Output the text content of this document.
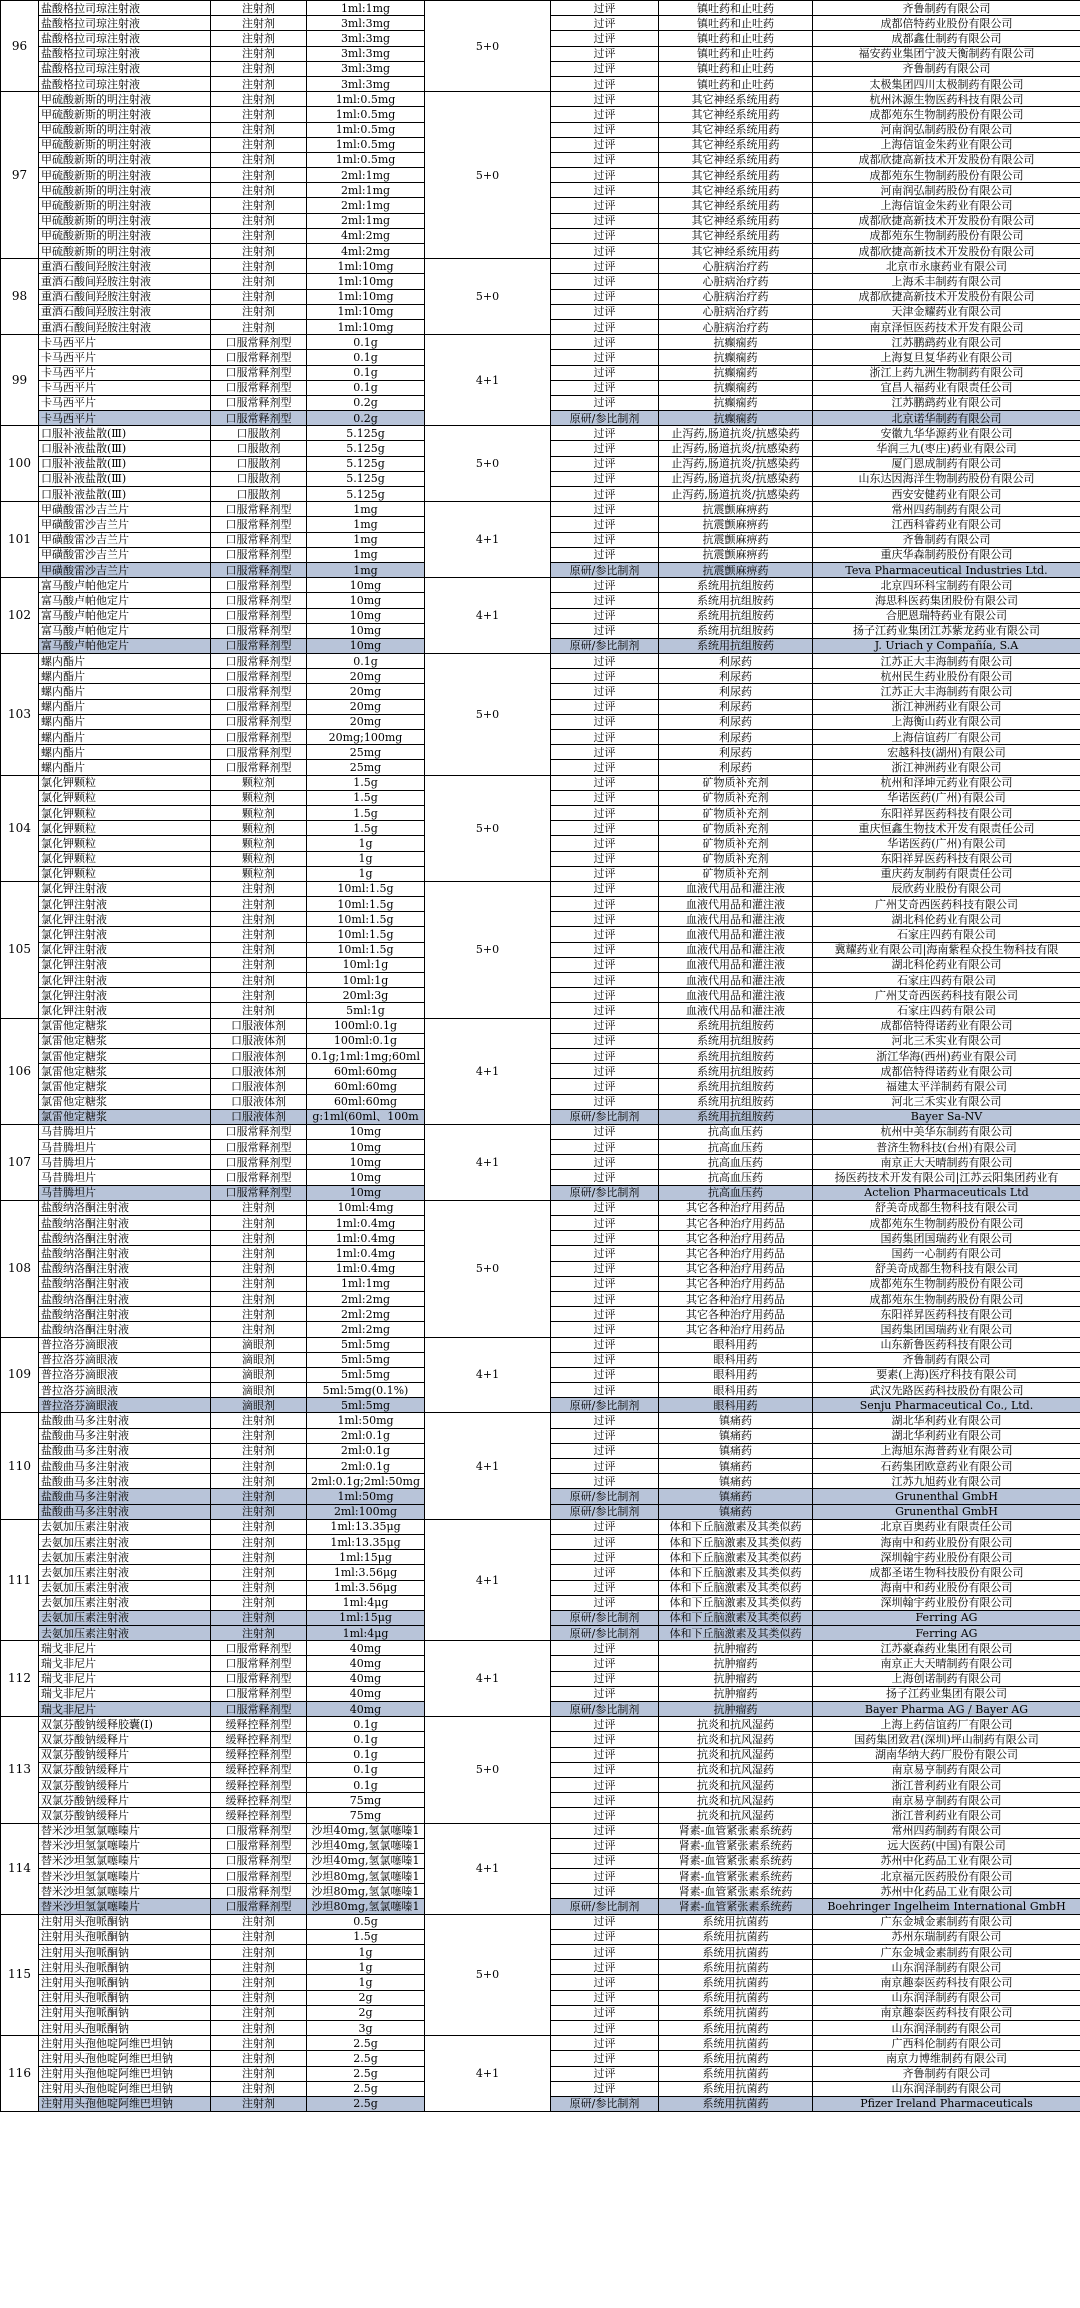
96	盐酸格拉司琼注射液	注射剂	1ml:1mg	5+0	过评	镇吐药和止吐药	齐鲁制药有限公司
	盐酸格拉司琼注射液	注射剂	3ml:3mg		过评	镇吐药和止吐药	成都倍特药业股份有限公司
	盐酸格拉司琼注射液	注射剂	3ml:3mg		过评	镇吐药和止吐药	成都鑫仕制药有限公司
	盐酸格拉司琼注射液	注射剂	3ml:3mg		过评	镇吐药和止吐药	福安药业集团宁波天衡制药有限公司
	盐酸格拉司琼注射液	注射剂	3ml:3mg		过评	镇吐药和止吐药	齐鲁制药有限公司
	盐酸格拉司琼注射液	注射剂	3ml:3mg		过评	镇吐药和止吐药	太极集团四川太极制药有限公司
97	甲硫酸新斯的明注射液	注射剂	1ml:0.5mg	5+0	过评	其它神经系统用药	杭州沐源生物医药科技有限公司
	甲硫酸新斯的明注射液	注射剂	1ml:0.5mg		过评	其它神经系统用药	成都苑东生物制药股份有限公司
	甲硫酸新斯的明注射液	注射剂	1ml:0.5mg		过评	其它神经系统用药	河南润弘制药股份有限公司
	甲硫酸新斯的明注射液	注射剂	1ml:0.5mg		过评	其它神经系统用药	上海信谊金朱药业有限公司
	甲硫酸新斯的明注射液	注射剂	1ml:0.5mg		过评	其它神经系统用药	成都欣捷高新技术开发股份有限公司
	甲硫酸新斯的明注射液	注射剂	2ml:1mg		过评	其它神经系统用药	成都苑东生物制药股份有限公司
	甲硫酸新斯的明注射液	注射剂	2ml:1mg		过评	其它神经系统用药	河南润弘制药股份有限公司
	甲硫酸新斯的明注射液	注射剂	2ml:1mg		过评	其它神经系统用药	上海信谊金朱药业有限公司
	甲硫酸新斯的明注射液	注射剂	2ml:1mg		过评	其它神经系统用药	成都欣捷高新技术开发股份有限公司
	甲硫酸新斯的明注射液	注射剂	4ml:2mg		过评	其它神经系统用药	成都苑东生物制药股份有限公司
	甲硫酸新斯的明注射液	注射剂	4ml:2mg		过评	其它神经系统用药	成都欣捷高新技术开发股份有限公司
98	重酒石酸间羟胺注射液	注射剂	1ml:10mg	5+0	过评	心脏病治疗药	北京市永康药业有限公司
	重酒石酸间羟胺注射液	注射剂	1ml:10mg		过评	心脏病治疗药	上海禾丰制药有限公司
	重酒石酸间羟胺注射液	注射剂	1ml:10mg		过评	心脏病治疗药	成都欣捷高新技术开发股份有限公司
	重酒石酸间羟胺注射液	注射剂	1ml:10mg		过评	心脏病治疗药	天津金耀药业有限公司
	重酒石酸间羟胺注射液	注射剂	1ml:10mg		过评	心脏病治疗药	南京泽恒医药技术开发有限公司
99	卡马西平片	口服常释剂型	0.1g	4+1	过评	抗癫痫药	江苏鹏鹞药业有限公司
	卡马西平片	口服常释剂型	0.1g		过评	抗癫痫药	上海复旦复华药业有限公司
	卡马西平片	口服常释剂型	0.1g		过评	抗癫痫药	浙江上药九洲生物制药有限公司
	卡马西平片	口服常释剂型	0.1g		过评	抗癫痫药	宜昌人福药业有限责任公司
	卡马西平片	口服常释剂型	0.2g		过评	抗癫痫药	江苏鹏鹞药业有限公司
	卡马西平片	口服常释剂型	0.2g		原研/参比制剂	抗癫痫药	北京诺华制药有限公司
100	口服补液盐散(Ⅲ)	口服散剂	5.125g	5+0	过评	止泻药,肠道抗炎/抗感染药	安徽九华华源药业有限公司
	口服补液盐散(Ⅲ)	口服散剂	5.125g		过评	止泻药,肠道抗炎/抗感染药	华润三九(枣庄)药业有限公司
	口服补液盐散(Ⅲ)	口服散剂	5.125g		过评	止泻药,肠道抗炎/抗感染药	厦门恩成制药有限公司
	口服补液盐散(Ⅲ)	口服散剂	5.125g		过评	止泻药,肠道抗炎/抗感染药	山东达因海洋生物制药股份有限公司
	口服补液盐散(Ⅲ)	口服散剂	5.125g		过评	止泻药,肠道抗炎/抗感染药	西安安健药业有限公司
101	甲磺酸雷沙吉兰片	口服常释剂型	1mg	4+1	过评	抗震颤麻痹药	常州四药制药有限公司
	甲磺酸雷沙吉兰片	口服常释剂型	1mg		过评	抗震颤麻痹药	江西科睿药业有限公司
	甲磺酸雷沙吉兰片	口服常释剂型	1mg		过评	抗震颤麻痹药	齐鲁制药有限公司
	甲磺酸雷沙吉兰片	口服常释剂型	1mg		过评	抗震颤麻痹药	重庆华森制药股份有限公司
	甲磺酸雷沙吉兰片	口服常释剂型	1mg		原研/参比制剂	抗震颤麻痹药	Teva Pharmaceutical Industries Ltd.
102	富马酸卢帕他定片	口服常释剂型	10mg	4+1	过评	系统用抗组胺药	北京四环科宝制药有限公司
	富马酸卢帕他定片	口服常释剂型	10mg		过评	系统用抗组胺药	海思科医药集团股份有限公司
	富马酸卢帕他定片	口服常释剂型	10mg		过评	系统用抗组胺药	合肥恩瑞特药业有限公司
	富马酸卢帕他定片	口服常释剂型	10mg		过评	系统用抗组胺药	扬子江药业集团江苏紫龙药业有限公司
	富马酸卢帕他定片	口服常释剂型	10mg		原研/参比制剂	系统用抗组胺药	J. Uriach y Compañía, S.A
103	螺内酯片	口服常释剂型	0.1g	5+0	过评	利尿药	江苏正大丰海制药有限公司
	螺内酯片	口服常释剂型	20mg		过评	利尿药	杭州民生药业股份有限公司
	螺内酯片	口服常释剂型	20mg		过评	利尿药	江苏正大丰海制药有限公司
	螺内酯片	口服常释剂型	20mg		过评	利尿药	浙江神洲药业有限公司
	螺内酯片	口服常释剂型	20mg		过评	利尿药	上海衡山药业有限公司
	螺内酯片	口服常释剂型	20mg;100mg		过评	利尿药	上海信谊药厂有限公司
	螺内酯片	口服常释剂型	25mg		过评	利尿药	宏越科技(湖州)有限公司
	螺内酯片	口服常释剂型	25mg		过评	利尿药	浙江神洲药业有限公司
104	氯化钾颗粒	颗粒剂	1.5g	5+0	过评	矿物质补充剂	杭州和泽坤元药业有限公司
	氯化钾颗粒	颗粒剂	1.5g		过评	矿物质补充剂	华诺医药(广州)有限公司
	氯化钾颗粒	颗粒剂	1.5g		过评	矿物质补充剂	东阳祥昇医药科技有限公司
	氯化钾颗粒	颗粒剂	1.5g		过评	矿物质补充剂	重庆恒鑫生物技术开发有限责任公司
	氯化钾颗粒	颗粒剂	1g		过评	矿物质补充剂	华诺医药(广州)有限公司
	氯化钾颗粒	颗粒剂	1g		过评	矿物质补充剂	东阳祥昇医药科技有限公司
	氯化钾颗粒	颗粒剂	1g		过评	矿物质补充剂	重庆药友制药有限责任公司
105	氯化钾注射液	注射剂	10ml:1.5g	5+0	过评	血液代用品和灌注液	辰欣药业股份有限公司
	氯化钾注射液	注射剂	10ml:1.5g		过评	血液代用品和灌注液	广州艾奇西医药科技有限公司
	氯化钾注射液	注射剂	10ml:1.5g		过评	血液代用品和灌注液	湖北科伦药业有限公司
	氯化钾注射液	注射剂	10ml:1.5g		过评	血液代用品和灌注液	石家庄四药有限公司
	氯化钾注射液	注射剂	10ml:1.5g		过评	血液代用品和灌注液	冀耀药业有限公司|海南紫程众投生物科技有限
	氯化钾注射液	注射剂	10ml:1g		过评	血液代用品和灌注液	湖北科伦药业有限公司
	氯化钾注射液	注射剂	10ml:1g		过评	血液代用品和灌注液	石家庄四药有限公司
	氯化钾注射液	注射剂	20ml:3g		过评	血液代用品和灌注液	广州艾奇西医药科技有限公司
	氯化钾注射液	注射剂	5ml:1g		过评	血液代用品和灌注液	石家庄四药有限公司
106	氯雷他定糖浆	口服液体剂	100ml:0.1g	4+1	过评	系统用抗组胺药	成都倍特得诺药业有限公司
	氯雷他定糖浆	口服液体剂	100ml:0.1g		过评	系统用抗组胺药	河北三禾实业有限公司
	氯雷他定糖浆	口服液体剂	0.1g;1ml:1mg;60ml		过评	系统用抗组胺药	浙江华海(西州)药业有限公司
	氯雷他定糖浆	口服液体剂	60ml:60mg		过评	系统用抗组胺药	成都倍特得诺药业有限公司
	氯雷他定糖浆	口服液体剂	60ml:60mg		过评	系统用抗组胺药	福建太平洋制药有限公司
	氯雷他定糖浆	口服液体剂	60ml:60mg		过评	系统用抗组胺药	河北三禾实业有限公司
	氯雷他定糖浆	口服液体剂	g:1ml(60ml、100m		原研/参比制剂	系统用抗组胺药	Bayer Sa-NV
107	马昔腾坦片	口服常释剂型	10mg	4+1	过评	抗高血压药	杭州中美华东制药有限公司
	马昔腾坦片	口服常释剂型	10mg		过评	抗高血压药	普济生物科技(台州)有限公司
	马昔腾坦片	口服常释剂型	10mg		过评	抗高血压药	南京正大天晴制药有限公司
	马昔腾坦片	口服常释剂型	10mg		过评	抗高血压药	扬医药技术开发有限公司|江苏云阳集团药业有
	马昔腾坦片	口服常释剂型	10mg		原研/参比制剂	抗高血压药	Actelion Pharmaceuticals Ltd
108	盐酸纳洛酮注射液	注射剂	10ml:4mg	5+0	过评	其它各种治疗用药品	舒美奇成都生物科技有限公司
	盐酸纳洛酮注射液	注射剂	1ml:0.4mg		过评	其它各种治疗用药品	成都苑东生物制药股份有限公司
	盐酸纳洛酮注射液	注射剂	1ml:0.4mg		过评	其它各种治疗用药品	国药集团国瑞药业有限公司
	盐酸纳洛酮注射液	注射剂	1ml:0.4mg		过评	其它各种治疗用药品	国药一心制药有限公司
	盐酸纳洛酮注射液	注射剂	1ml:0.4mg		过评	其它各种治疗用药品	舒美奇成都生物科技有限公司
	盐酸纳洛酮注射液	注射剂	1ml:1mg		过评	其它各种治疗用药品	成都苑东生物制药股份有限公司
	盐酸纳洛酮注射液	注射剂	2ml:2mg		过评	其它各种治疗用药品	成都苑东生物制药股份有限公司
	盐酸纳洛酮注射液	注射剂	2ml:2mg		过评	其它各种治疗用药品	东阳祥昇医药科技有限公司
	盐酸纳洛酮注射液	注射剂	2ml:2mg		过评	其它各种治疗用药品	国药集团国瑞药业有限公司
109	普拉洛芬滴眼液	滴眼剂	5ml:5mg	4+1	过评	眼科用药	山东新鲁医药科技有限公司
	普拉洛芬滴眼液	滴眼剂	5ml:5mg		过评	眼科用药	齐鲁制药有限公司
	普拉洛芬滴眼液	滴眼剂	5ml:5mg		过评	眼科用药	要素(上海)医疗科技有限公司
	普拉洛芬滴眼液	滴眼剂	5ml:5mg(0.1%)		过评	眼科用药	武汉先路医药科技股份有限公司
	普拉洛芬滴眼液	滴眼剂	5ml:5mg		原研/参比制剂	眼科用药	Senju Pharmaceutical Co., Ltd.
110	盐酸曲马多注射液	注射剂	1ml:50mg	4+1	过评	镇痛药	湖北华利药业有限公司
	盐酸曲马多注射液	注射剂	2ml:0.1g		过评	镇痛药	湖北华利药业有限公司
	盐酸曲马多注射液	注射剂	2ml:0.1g		过评	镇痛药	上海旭东海普药业有限公司
	盐酸曲马多注射液	注射剂	2ml:0.1g		过评	镇痛药	石药集团欧意药业有限公司
	盐酸曲马多注射液	注射剂	2ml:0.1g;2ml:50mg		过评	镇痛药	江苏九旭药业有限公司
	盐酸曲马多注射液	注射剂	1ml:50mg		原研/参比制剂	镇痛药	Grunenthal GmbH
	盐酸曲马多注射液	注射剂	2ml:100mg		原研/参比制剂	镇痛药	Grunenthal GmbH
111	去氨加压素注射液	注射剂	1ml:13.35μg	4+1	过评	体和下丘脑激素及其类似药	北京百奥药业有限责任公司
	去氨加压素注射液	注射剂	1ml:13.35μg		过评	体和下丘脑激素及其类似药	海南中和药业股份有限公司
	去氨加压素注射液	注射剂	1ml:15μg		过评	体和下丘脑激素及其类似药	深圳翰宇药业股份有限公司
	去氨加压素注射液	注射剂	1ml:3.56μg		过评	体和下丘脑激素及其类似药	成都圣诺生物科技股份有限公司
	去氨加压素注射液	注射剂	1ml:3.56μg		过评	体和下丘脑激素及其类似药	海南中和药业股份有限公司
	去氨加压素注射液	注射剂	1ml:4μg		过评	体和下丘脑激素及其类似药	深圳翰宇药业股份有限公司
	去氨加压素注射液	注射剂	1ml:15μg		原研/参比制剂	体和下丘脑激素及其类似药	Ferring AG
	去氨加压素注射液	注射剂	1ml:4μg		原研/参比制剂	体和下丘脑激素及其类似药	Ferring AG
112	瑞戈非尼片	口服常释剂型	40mg	4+1	过评	抗肿瘤药	江苏豪森药业集团有限公司
	瑞戈非尼片	口服常释剂型	40mg		过评	抗肿瘤药	南京正大天晴制药有限公司
	瑞戈非尼片	口服常释剂型	40mg		过评	抗肿瘤药	上海创诺制药有限公司
	瑞戈非尼片	口服常释剂型	40mg		过评	抗肿瘤药	扬子江药业集团有限公司
	瑞戈非尼片	口服常释剂型	40mg		原研/参比制剂	抗肿瘤药	Bayer Pharma AG / Bayer AG
113	双氯芬酸钠缓释胶囊(Ⅰ)	缓释控释剂型	0.1g	5+0	过评	抗炎和抗风湿药	上海上药信谊药厂有限公司
	双氯芬酸钠缓释片	缓释控释剂型	0.1g		过评	抗炎和抗风湿药	国药集团致君(深圳)坪山制药有限公司
	双氯芬酸钠缓释片	缓释控释剂型	0.1g		过评	抗炎和抗风湿药	湖南华纳大药厂股份有限公司
	双氯芬酸钠缓释片	缓释控释剂型	0.1g		过评	抗炎和抗风湿药	南京易亨制药有限公司
	双氯芬酸钠缓释片	缓释控释剂型	0.1g		过评	抗炎和抗风湿药	浙江普利药业有限公司
	双氯芬酸钠缓释片	缓释控释剂型	75mg		过评	抗炎和抗风湿药	南京易亨制药有限公司
	双氯芬酸钠缓释片	缓释控释剂型	75mg		过评	抗炎和抗风湿药	浙江普利药业有限公司
114	替米沙坦氢氯噻嗪片	口服常释剂型	沙坦40mg,氢氯噻嗪1	4+1	过评	肾素-血管紧张素系统药	常州四药制药有限公司
	替米沙坦氢氯噻嗪片	口服常释剂型	沙坦40mg,氢氯噻嗪1		过评	肾素-血管紧张素系统药	远大医药(中国)有限公司
	替米沙坦氢氯噻嗪片	口服常释剂型	沙坦40mg,氢氯噻嗪1		过评	肾素-血管紧张素系统药	苏州中化药品工业有限公司
	替米沙坦氢氯噻嗪片	口服常释剂型	沙坦80mg,氢氯噻嗪1		过评	肾素-血管紧张素系统药	北京福元医药股份有限公司
	替米沙坦氢氯噻嗪片	口服常释剂型	沙坦80mg,氢氯噻嗪1		过评	肾素-血管紧张素系统药	苏州中化药品工业有限公司
	替米沙坦氢氯噻嗪片	口服常释剂型	沙坦80mg,氢氯噻嗪1		原研/参比制剂	肾素-血管紧张素系统药	Boehringer Ingelheim International GmbH
115	注射用头孢哌酮钠	注射剂	0.5g	5+0	过评	系统用抗菌药	广东金城金素制药有限公司
	注射用头孢哌酮钠	注射剂	1.5g		过评	系统用抗菌药	苏州东瑞制药有限公司
	注射用头孢哌酮钠	注射剂	1g		过评	系统用抗菌药	广东金城金素制药有限公司
	注射用头孢哌酮钠	注射剂	1g		过评	系统用抗菌药	山东润泽制药有限公司
	注射用头孢哌酮钠	注射剂	1g		过评	系统用抗菌药	南京趣泰医药科技有限公司
	注射用头孢哌酮钠	注射剂	2g		过评	系统用抗菌药	山东润泽制药有限公司
	注射用头孢哌酮钠	注射剂	2g		过评	系统用抗菌药	南京趣泰医药科技有限公司
	注射用头孢哌酮钠	注射剂	3g		过评	系统用抗菌药	山东润泽制药有限公司
116	注射用头孢他啶阿维巴坦钠	注射剂	2.5g	4+1	过评	系统用抗菌药	广西科伦制药有限公司
	注射用头孢他啶阿维巴坦钠	注射剂	2.5g		过评	系统用抗菌药	南京力博维制药有限公司
	注射用头孢他啶阿维巴坦钠	注射剂	2.5g		过评	系统用抗菌药	齐鲁制药有限公司
	注射用头孢他啶阿维巴坦钠	注射剂	2.5g		过评	系统用抗菌药	山东润泽制药有限公司
	注射用头孢他啶阿维巴坦钠	注射剂	2.5g		原研/参比制剂	系统用抗菌药	Pfizer Ireland Pharmaceuticals
